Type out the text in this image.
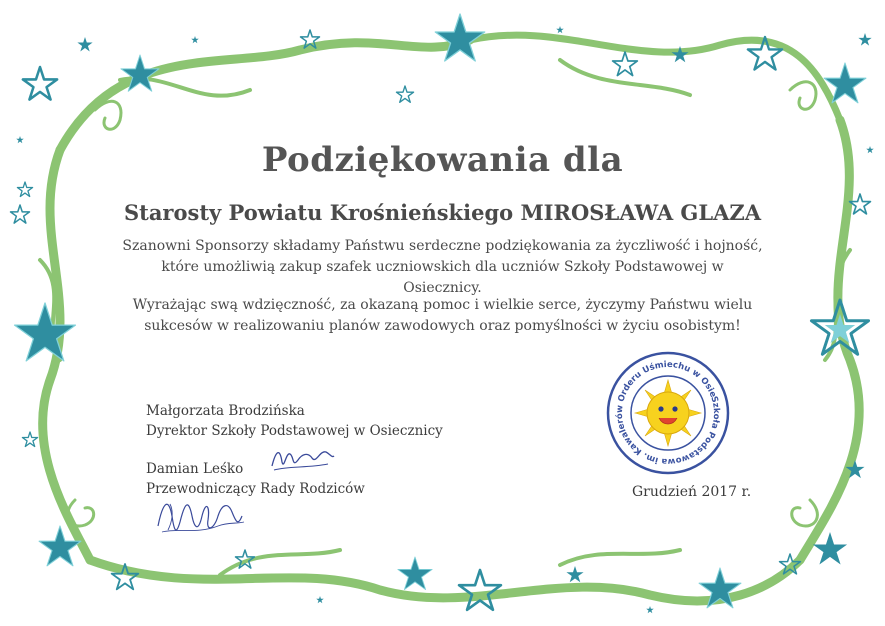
Podziękowania dla
Starosty Powiatu Krośnieńskiego MIROSŁAWA GLAZA
Szanowni Sponsorzy składamy Państwu serdeczne podziękowania za życzliwość i hojność,
które umożliwią zakup szafek uczniowskich dla uczniów Szkoły Podstawowej w Osiecznicy.
Wyrażając swą wdzięczność, za okazaną pomoc i wielkie serce, życzymy Państwu wielu
sukcesów w realizowaniu planów zawodowych oraz pomyślności w życiu osobistym!
Małgorzata Brodzińska
Dyrektor Szkoły Podstawowej w Osiecznicy
Damian Leśko
Przewodniczący Rady Rodziców
Szkoła Podstawowa im. Kawalerów Orderu Uśmiechu w Osiecznicy
Grudzień 2017 r.
